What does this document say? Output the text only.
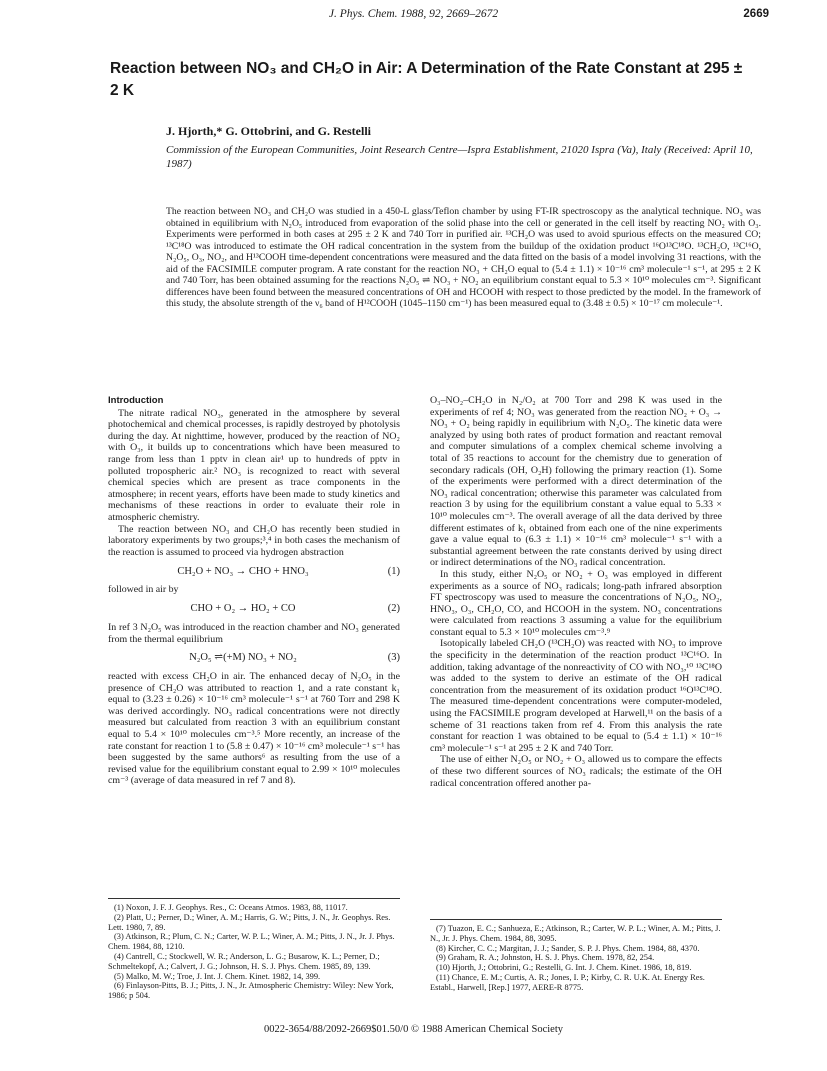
J. Phys. Chem. 1988, 92, 2669–2672	2669
Reaction between NO₃ and CH₂O in Air: A Determination of the Rate Constant at 295 ± 2 K
J. Hjorth,* G. Ottobrini, and G. Restelli
Commission of the European Communities, Joint Research Centre—Ispra Establishment, 21020 Ispra (Va), Italy (Received: April 10, 1987)
The reaction between NO₃ and CH₂O was studied in a 450-L glass/Teflon chamber by using FT-IR spectroscopy as the analytical technique. NO₃ was obtained in equilibrium with N₂O₅ introduced from evaporation of the solid phase into the cell or generated in the cell itself by reacting NO₂ with O₃. Experiments were performed in both cases at 295 ± 2 K and 740 Torr in purified air. ¹³CH₂O was used to avoid spurious effects on the measured CO; ¹³C¹⁸O was introduced to estimate the OH radical concentration in the system from the buildup of the oxidation product ¹⁶O¹³C¹⁸O. ¹³CH₂O, ¹³C¹⁶O, N₂O₅, O₃, NO₂, and H¹³COOH time-dependent concentrations were measured and the data fitted on the basis of a model involving 31 reactions, with the aid of the FACSIMILE computer program. A rate constant for the reaction NO₃ + CH₂O equal to (5.4 ± 1.1) × 10⁻¹⁶ cm³ molecule⁻¹ s⁻¹, at 295 ± 2 K and 740 Torr, has been obtained assuming for the reactions N₂O₅ ⇌ NO₃ + NO₂ an equilibrium constant equal to 5.3 × 10¹⁰ molecules cm⁻³. Significant differences have been found between the measured concentrations of OH and HCOOH with respect to those predicted by the model. In the framework of this study, the absolute strength of the ν₆ band of H¹²COOH (1045–1150 cm⁻¹) has been measured equal to (3.48 ± 0.5) × 10⁻¹⁷ cm molecule⁻¹.
Introduction

The nitrate radical NO₃, generated in the atmosphere by several photochemical and chemical processes, is rapidly destroyed by photolysis during the day. At nighttime, however, produced by the reaction of NO₂ with O₃, it builds up to concentrations which have been measured to range from less than 1 pptv in clean air¹ up to hundreds of pptv in polluted tropospheric air.² NO₃ is recognized to react with several chemical species which are present as trace components in the atmosphere; in recent years, efforts have been made to study kinetics and mechanisms of these reactions in order to evaluate their role in atmospheric chemistry.

The reaction between NO₃ and CH₂O has recently been studied in laboratory experiments by two groups;³,⁴ in both cases the mechanism of the reaction is assumed to proceed via hydrogen abstraction

CH₂O + NO₃ → CHO + HNO₃	(1)

followed in air by

CHO + O₂ → HO₂ + CO	(2)

In ref 3 N₂O₅ was introduced in the reaction chamber and NO₃ generated from the thermal equilibrium

N₂O₅ ⇌(+M) NO₃ + NO₂	(3)

reacted with excess CH₂O in air. The enhanced decay of N₂O₅ in the presence of CH₂O was attributed to reaction 1, and a rate constant k₁ equal to (3.23 ± 0.26) × 10⁻¹⁶ cm³ molecule⁻¹ s⁻¹ at 760 Torr and 298 K was derived accordingly. NO₃ radical concentrations were not directly measured but calculated from reaction 3 with an equilibrium constant equal to 5.4 × 10¹⁰ molecules cm⁻³.⁵ More recently, an increase of the rate constant for reaction 1 to (5.8 ± 0.47) × 10⁻¹⁶ cm³ molecule⁻¹ s⁻¹ has been suggested by the same authors⁶ as resulting from the use of a revised value for the equilibrium constant equal to 2.99 × 10¹⁰ molecules cm⁻³ (average of data measured in ref 7 and 8).

O₃–NO₂–CH₂O in N₂/O₂ at 700 Torr and 298 K was used in the experiments of ref 4; NO₃ was generated from the reaction NO₂ + O₃ → NO₃ + O₂ being rapidly in equilibrium with N₂O₅. The kinetic data were analyzed by using both rates of product formation and reactant removal and computer simulations of a complex chemical scheme involving a total of 35 reactions to account for the chemistry due to generation of secondary radicals (OH, O₂H) following the primary reaction (1). Some of the experiments were performed with a direct determination of the NO₃ radical concentration; otherwise this parameter was calculated from reaction 3 by using for the equilibrium constant a value equal to 5.33 × 10¹⁰ molecules cm⁻³. The overall average of all the data derived by three different estimates of k₁ obtained from each one of the nine experiments gave a value equal to (6.3 ± 1.1) × 10⁻¹⁶ cm³ molecule⁻¹ s⁻¹ with a substantial agreement between the rate constants derived by using direct or indirect determinations of the NO₃ radical concentration.

In this study, either N₂O₅ or NO₂ + O₃ was employed in different experiments as a source of NO₃ radicals; long-path infrared absorption FT spectroscopy was used to measure the concentrations of N₂O₅, NO₂, HNO₃, O₃, CH₂O, CO, and HCOOH in the system. NO₃ concentrations were calculated from reactions 3 assuming a value for the equilibrium constant equal to 5.3 × 10¹⁰ molecules cm⁻³.⁹

Isotopically labeled CH₂O (¹³CH₂O) was reacted with NO₃ to improve the specificity in the determination of the reaction product ¹³C¹⁶O. In addition, taking advantage of the nonreactivity of CO with NO₃,¹⁰ ¹³C¹⁸O was added to the system to derive an estimate of the OH radical concentration from the measurement of its oxidation product ¹⁶O¹³C¹⁸O. The measured time-dependent concentrations were computer-modeled, using the FACSIMILE program developed at Harwell,¹¹ on the basis of a scheme of 31 reactions taken from ref 4. From this analysis the rate constant for reaction 1 was obtained to be equal to (5.4 ± 1.1) × 10⁻¹⁶ cm³ molecule⁻¹ s⁻¹ at 295 ± 2 K and 740 Torr.

The use of either N₂O₅ or NO₂ + O₃ allowed us to compare the effects of these two different sources of NO₃ radicals; the estimate of the OH radical concentration offered another pa-

(1) Noxon, J. F. J. Geophys. Res., C: Oceans Atmos. 1983, 88, 11017.

(2) Platt, U.; Perner, D.; Winer, A. M.; Harris, G. W.; Pitts, J. N., Jr. Geophys. Res. Lett. 1980, 7, 89.

(3) Atkinson, R.; Plum, C. N.; Carter, W. P. L.; Winer, A. M.; Pitts, J. N., Jr. J. Phys. Chem. 1984, 88, 1210.

(4) Cantrell, C.; Stockwell, W. R.; Anderson, L. G.; Busarow, K. L.; Perner, D.; Schmeltekopf, A.; Calvert, J. G.; Johnson, H. S. J. Phys. Chem. 1985, 89, 139.

(5) Malko, M. W.; Troe, J. Int. J. Chem. Kinet. 1982, 14, 399.

(6) Finlayson-Pitts, B. J.; Pitts, J. N., Jr. Atmospheric Chemistry: Wiley: New York, 1986; p 504.

(7) Tuazon, E. C.; Sanhueza, E.; Atkinson, R.; Carter, W. P. L.; Winer, A. M.; Pitts, J. N., Jr. J. Phys. Chem. 1984, 88, 3095.

(8) Kircher, C. C.; Margitan, J. J.; Sander, S. P. J. Phys. Chem. 1984, 88, 4370.

(9) Graham, R. A.; Johnston, H. S. J. Phys. Chem. 1978, 82, 254.

(10) Hjorth, J.; Ottobrini, G.; Restelli, G. Int. J. Chem. Kinet. 1986, 18, 819.

(11) Chance, E. M.; Curtis, A. R.; Jones, I. P.; Kirby, C. R. U.K. At. Energy Res. Establ., Harwell, [Rep.] 1977, AERE-R 8775.

0022-3654/88/2092-2669$01.50/0 © 1988 American Chemical Society
